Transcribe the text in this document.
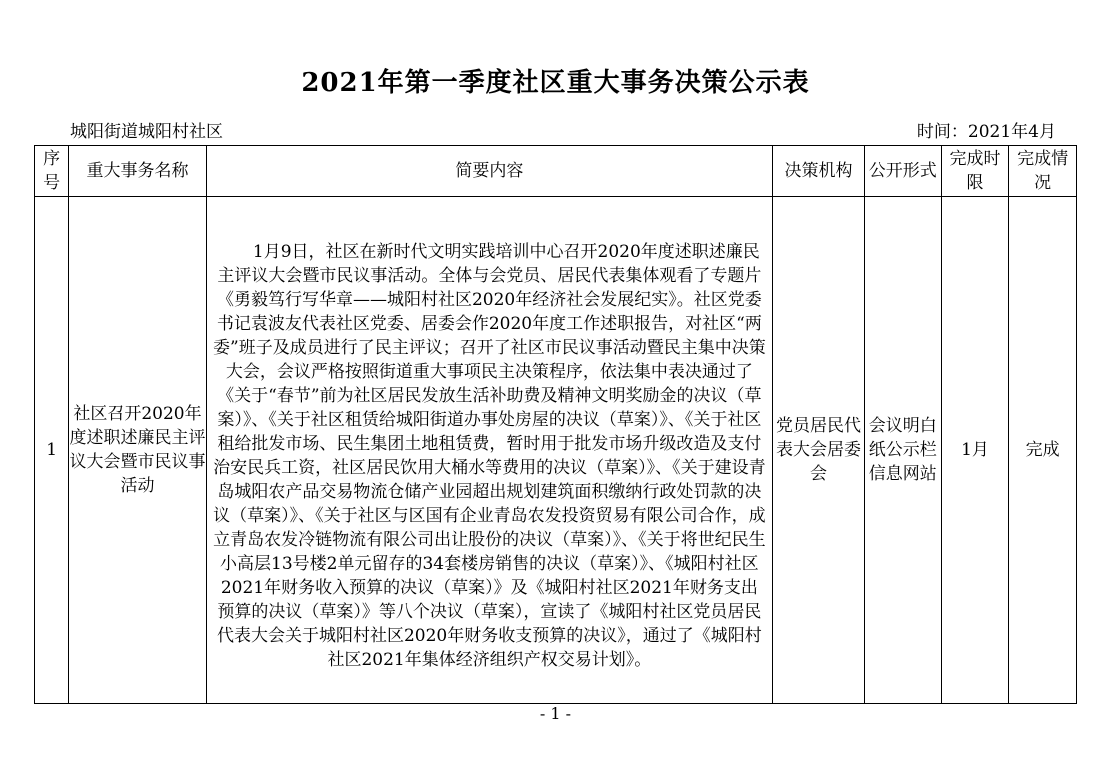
2021年第一季度社区重大事务决策公示表
城阳街道城阳村社区	时间：2021年4月
序号	重大事务名称	简要内容	决策机构	公开形式	完成时限	完成情况
1	社区召开2020年度述职述廉民主评议大会暨市民议事活动	1月9日，社区在新时代文明实践培训中心召开2020年度述职述廉民主评议大会暨市民议事活动。全体与会党员、居民代表集体观看了专题片《勇毅笃行写华章——城阳村社区2020年经济社会发展纪实》。社区党委书记袁波友代表社区党委、居委会作2020年度工作述职报告，对社区“两委”班子及成员进行了民主评议；召开了社区市民议事活动暨民主集中决策大会，会议严格按照街道重大事项民主决策程序，依法集中表决通过了《关于“春节”前为社区居民发放生活补助费及精神文明奖励金的决议（草案）》、《关于社区租赁给城阳街道办事处房屋的决议（草案）》、《关于社区租给批发市场、民生集团土地租赁费，暂时用于批发市场升级改造及支付治安民兵工资，社区居民饮用大桶水等费用的决议（草案）》、《关于建设青岛城阳农产品交易物流仓储产业园超出规划建筑面积缴纳行政处罚款的决议（草案）》、《关于社区与区国有企业青岛农发投资贸易有限公司合作，成立青岛农发冷链物流有限公司出让股份的决议（草案）》、《关于将世纪民生小高层13号楼2单元留存的34套楼房销售的决议（草案）》、《城阳村社区2021年财务收入预算的决议（草案）》及《城阳村社区2021年财务支出预算的决议（草案）》等八个决议（草案），宣读了《城阳村社区党员居民代表大会关于城阳村社区2020年财务收支预算的决议》，通过了《城阳村社区2021年集体经济组织产权交易计划》。	党员居民代表大会居委会	会议明白纸公示栏信息网站	1月	完成
- 1 -
